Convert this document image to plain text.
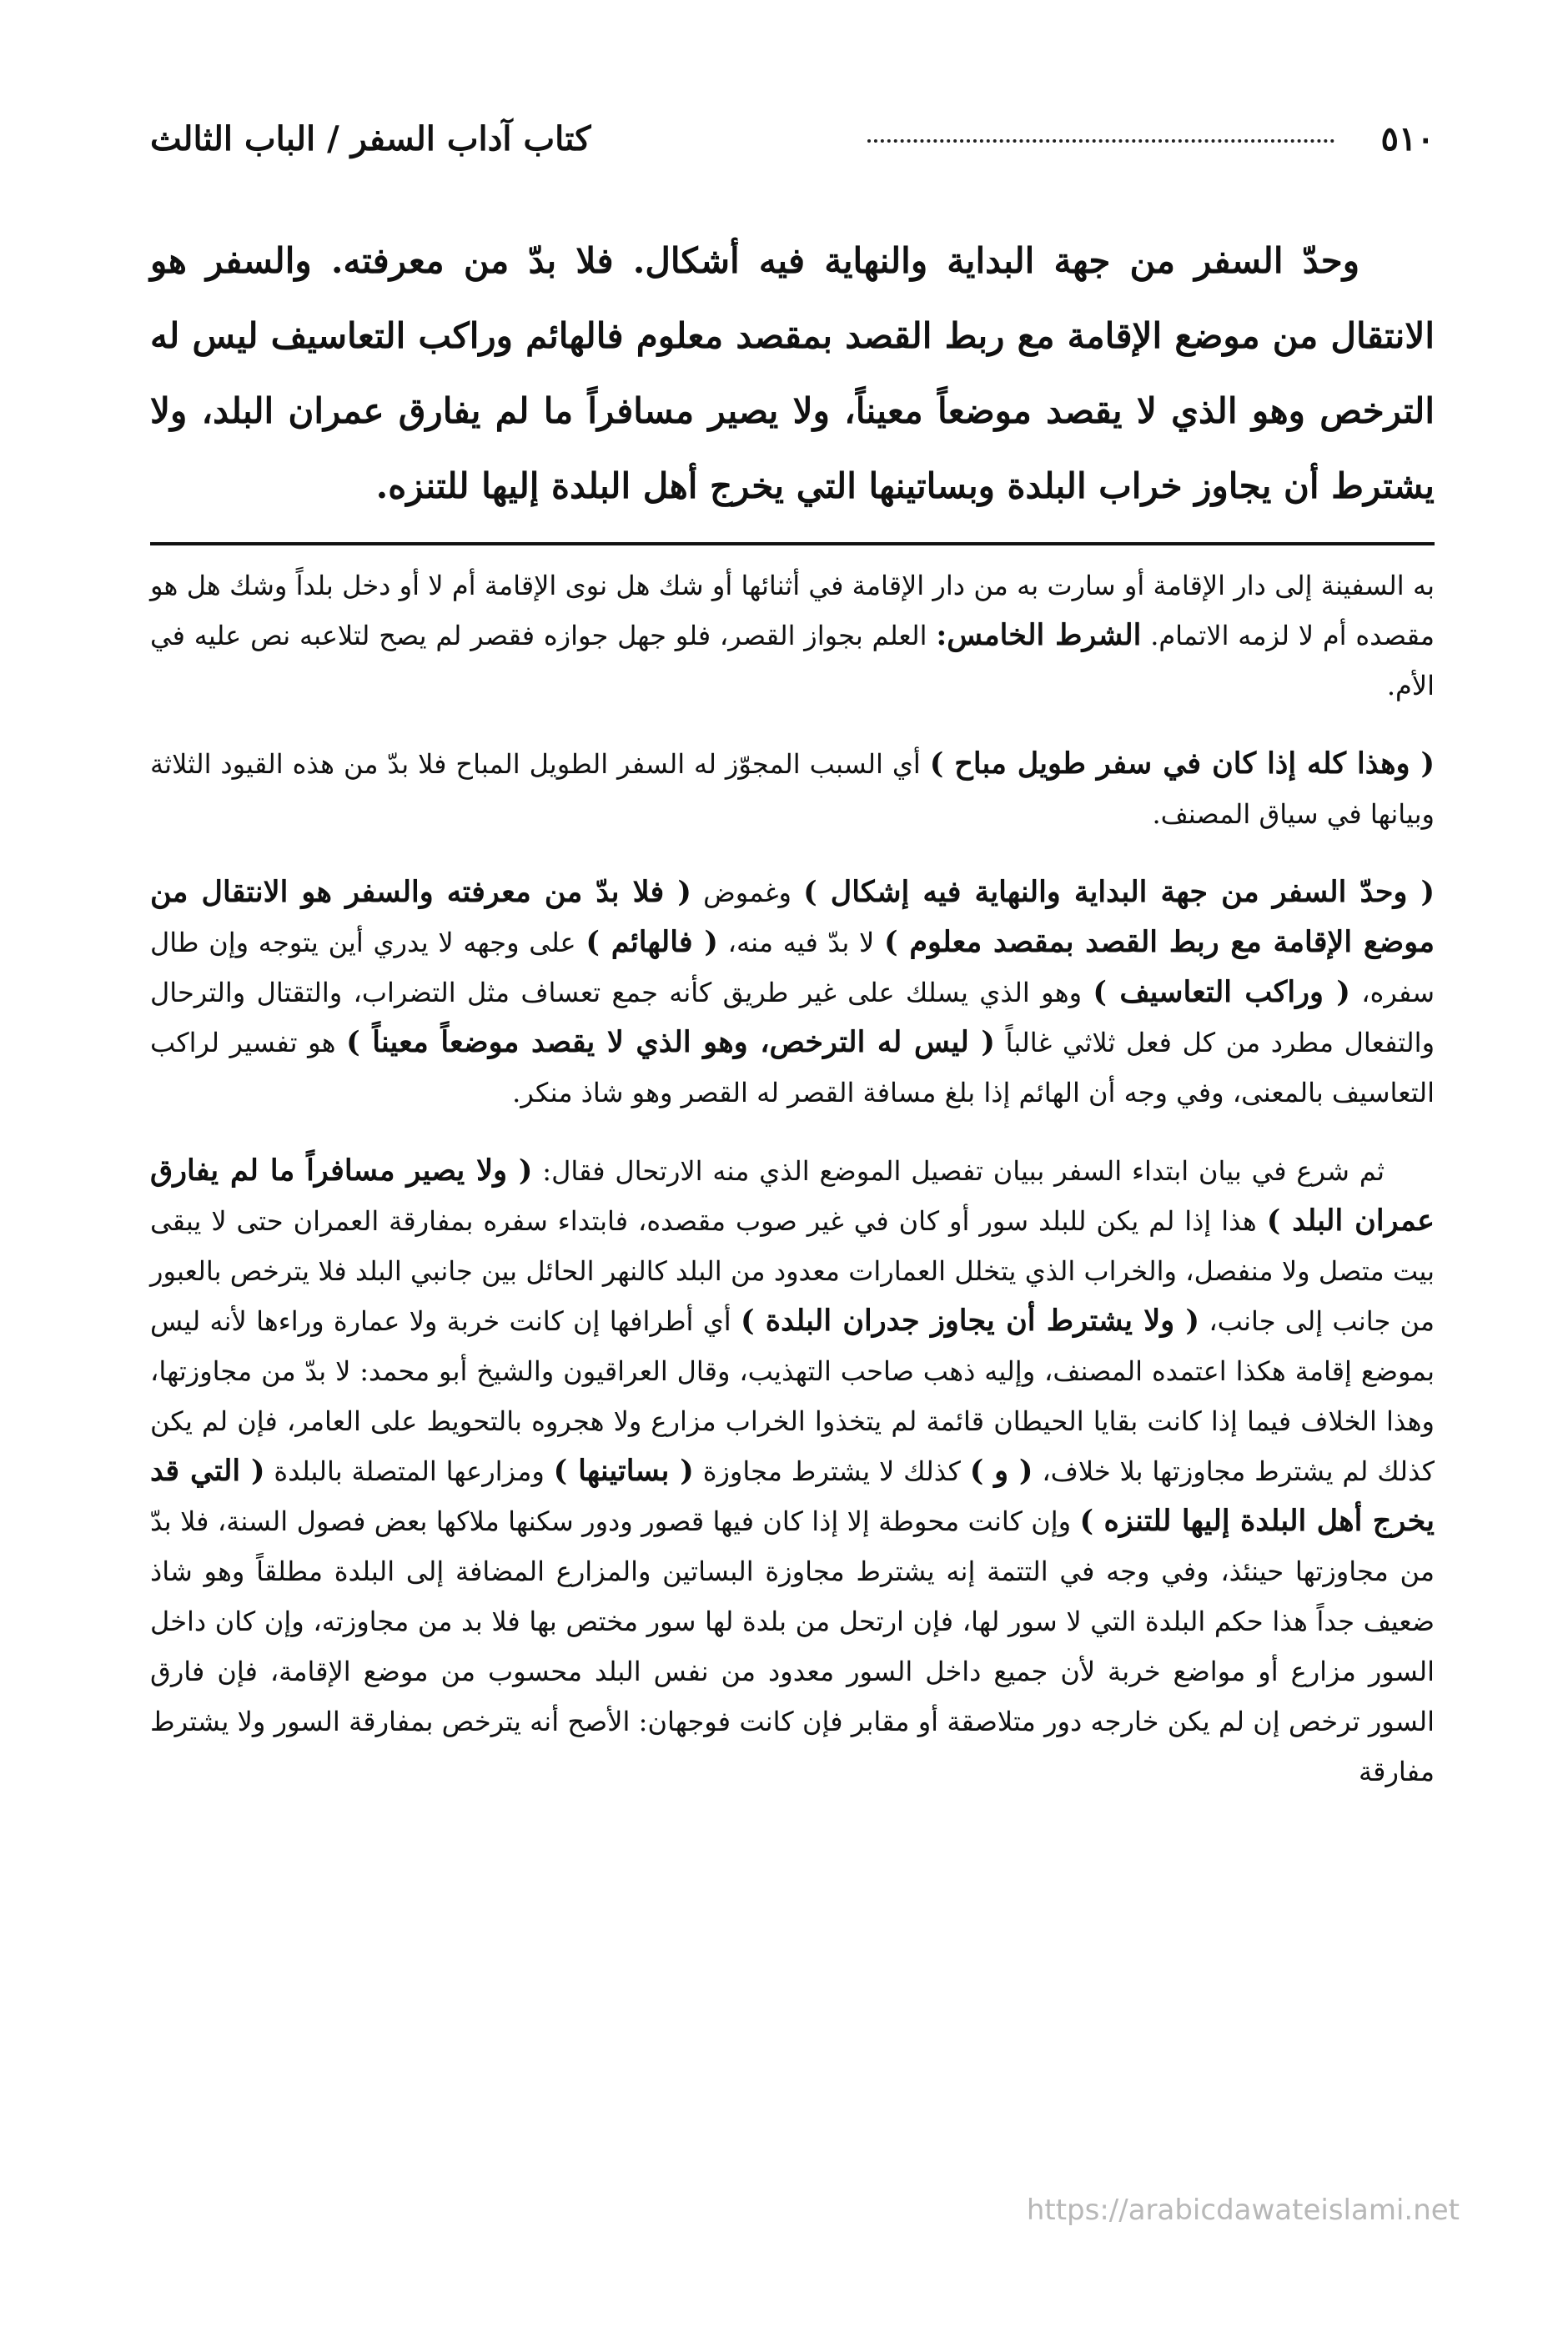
٥١٠
كتاب آداب السفر / الباب الثالث

وحدّ السفر من جهة البداية والنهاية فيه أشكال. فلا بدّ من معرفته. والسفر هو الانتقال من موضع الإقامة مع ربط القصد بمقصد معلوم فالهائم وراكب التعاسيف ليس له الترخص وهو الذي لا يقصد موضعاً معيناً، ولا يصير مسافراً ما لم يفارق عمران البلد، ولا يشترط أن يجاوز خراب البلدة وبساتينها التي يخرج أهل البلدة إليها للتنزه.

به السفينة إلى دار الإقامة أو سارت به من دار الإقامة في أثنائها أو شك هل نوى الإقامة أم لا أو دخل بلداً وشك هل هو مقصده أم لا لزمه الاتمام. الشرط الخامس: العلم بجواز القصر، فلو جهل جوازه فقصر لم يصح لتلاعبه نص عليه في الأم.

( وهذا كله إذا كان في سفر طويل مباح ) أي السبب المجوّز له السفر الطويل المباح فلا بدّ من هذه القيود الثلاثة وبيانها في سياق المصنف.

( وحدّ السفر من جهة البداية والنهاية فيه إشكال ) وغموض ( فلا بدّ من معرفته والسفر هو الانتقال من موضع الإقامة مع ربط القصد بمقصد معلوم ) لا بدّ فيه منه، ( فالهائم ) على وجهه لا يدري أين يتوجه وإن طال سفره، ( وراكب التعاسيف ) وهو الذي يسلك على غير طريق كأنه جمع تعساف مثل التضراب، والتقتال والترحال والتفعال مطرد من كل فعل ثلاثي غالباً ( ليس له الترخص، وهو الذي لا يقصد موضعاً معيناً ) هو تفسير لراكب التعاسيف بالمعنى، وفي وجه أن الهائم إذا بلغ مسافة القصر له القصر وهو شاذ منكر.

ثم شرع في بيان ابتداء السفر ببيان تفصيل الموضع الذي منه الارتحال فقال: ( ولا يصير مسافراً ما لم يفارق عمران البلد ) هذا إذا لم يكن للبلد سور أو كان في غير صوب مقصده، فابتداء سفره بمفارقة العمران حتى لا يبقى بيت متصل ولا منفصل، والخراب الذي يتخلل العمارات معدود من البلد كالنهر الحائل بين جانبي البلد فلا يترخص بالعبور من جانب إلى جانب، ( ولا يشترط أن يجاوز جدران البلدة ) أي أطرافها إن كانت خربة ولا عمارة وراءها لأنه ليس بموضع إقامة هكذا اعتمده المصنف، وإليه ذهب صاحب التهذيب، وقال العراقيون والشيخ أبو محمد: لا بدّ من مجاوزتها، وهذا الخلاف فيما إذا كانت بقايا الحيطان قائمة لم يتخذوا الخراب مزارع ولا هجروه بالتحويط على العامر، فإن لم يكن كذلك لم يشترط مجاوزتها بلا خلاف، ( و ) كذلك لا يشترط مجاوزة ( بساتينها ) ومزارعها المتصلة بالبلدة ( التي قد يخرج أهل البلدة إليها للتنزه ) وإن كانت محوطة إلا إذا كان فيها قصور ودور سكنها ملاكها بعض فصول السنة، فلا بدّ من مجاوزتها حينئذ، وفي وجه في التتمة إنه يشترط مجاوزة البساتين والمزارع المضافة إلى البلدة مطلقاً وهو شاذ ضعيف جداً هذا حكم البلدة التي لا سور لها، فإن ارتحل من بلدة لها سور مختص بها فلا بد من مجاوزته، وإن كان داخل السور مزارع أو مواضع خربة لأن جميع داخل السور معدود من نفس البلد محسوب من موضع الإقامة، فإن فارق السور ترخص إن لم يكن خارجه دور متلاصقة أو مقابر فإن كانت فوجهان: الأصح أنه يترخص بمفارقة السور ولا يشترط مفارقة

https://arabicdawateislami.net
